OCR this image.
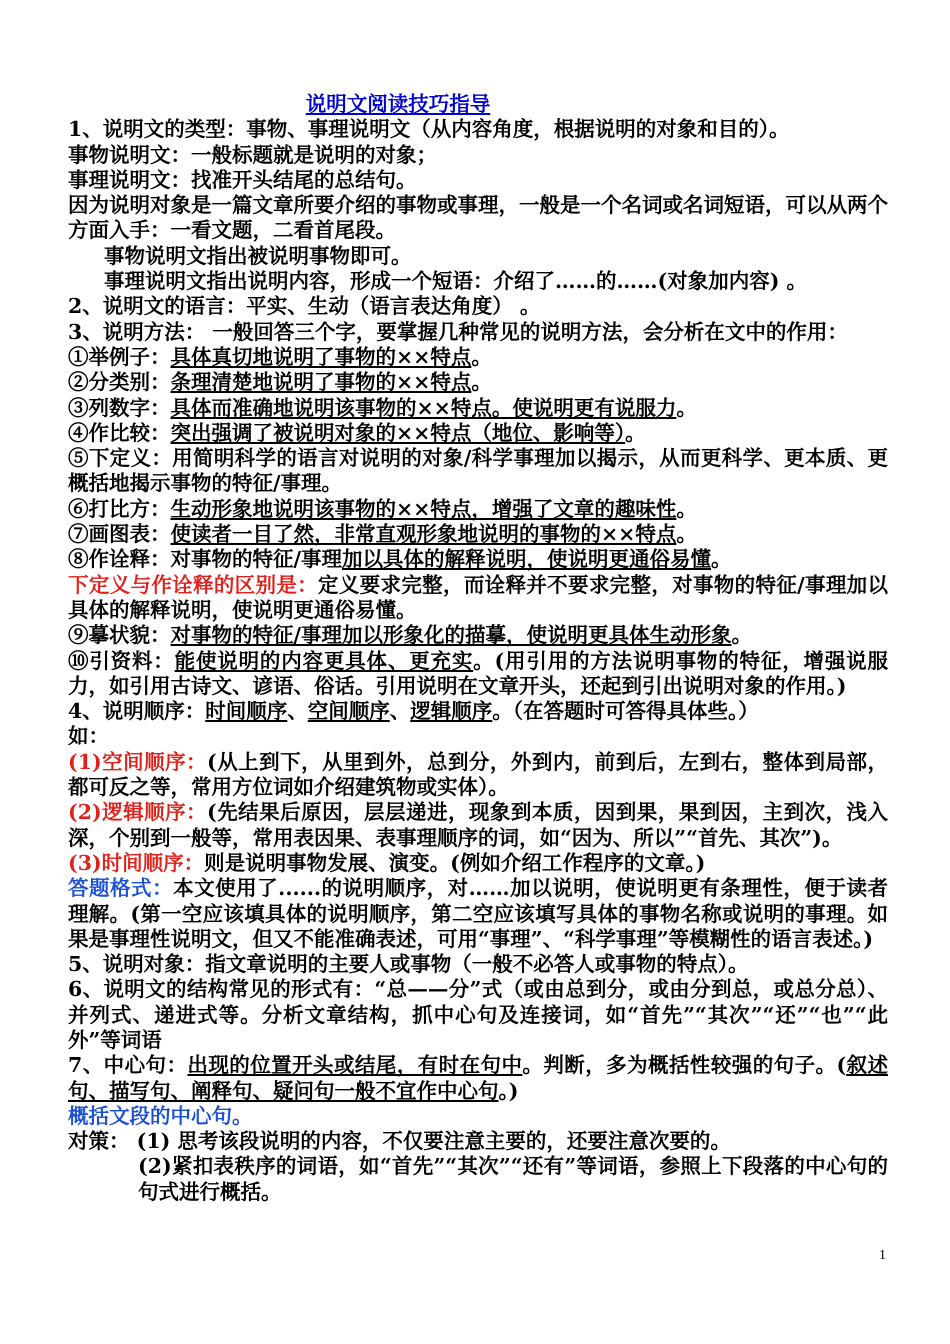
说明文阅读技巧指导

1、说明文的类型：事物、事理说明文（从内容角度，根据说明的对象和目的）。

事物说明文：一般标题就是说明的对象；

事理说明文：找准开头结尾的总结句。

因为说明对象是一篇文章所要介绍的事物或事理，一般是一个名词或名词短语，可以从两个方面入手：一看文题，二看首尾段。

事物说明文指出被说明事物即可。

事理说明文指出说明内容，形成一个短语：介绍了……的……(对象加内容) 。

2、说明文的语言：平实、生动（语言表达角度） 。

3、说明方法： 一般回答三个字，要掌握几种常见的说明方法，会分析在文中的作用：

①举例子：具体真切地说明了事物的××特点。

②分类别：条理清楚地说明了事物的××特点。

③列数字：具体而准确地说明该事物的××特点。使说明更有说服力。

④作比较：突出强调了被说明对象的××特点（地位、影响等）。

⑤下定义：用简明科学的语言对说明的对象/科学事理加以揭示，从而更科学、更本质、更概括地揭示事物的特征/事理。

⑥打比方：生动形象地说明该事物的××特点，增强了文章的趣味性。

⑦画图表：使读者一目了然，非常直观形象地说明的事物的××特点。

⑧作诠释：对事物的特征/事理加以具体的解释说明，使说明更通俗易懂。

下定义与作诠释的区别是：定义要求完整，而诠释并不要求完整，对事物的特征/事理加以具体的解释说明，使说明更通俗易懂。

⑨摹状貌：对事物的特征/事理加以形象化的描摹，使说明更具体生动形象。

⑩引资料：能使说明的内容更具体、更充实。(用引用的方法说明事物的特征，增强说服力，如引用古诗文、谚语、俗话。引用说明在文章开头，还起到引出说明对象的作用。)

4、说明顺序：时间顺序、空间顺序、逻辑顺序。（在答题时可答得具体些。）

如：

(1)空间顺序：(从上到下，从里到外，总到分，外到内，前到后，左到右，整体到局部，都可反之等，常用方位词如介绍建筑物或实体）。

(2)逻辑顺序：(先结果后原因，层层递进，现象到本质，因到果，果到因，主到次，浅入深，个别到一般等，常用表因果、表事理顺序的词，如“因为、所以”“首先、其次”)。

(3)时间顺序：则是说明事物发展、演变。(例如介绍工作程序的文章。)

答题格式：本文使用了......的说明顺序，对……加以说明，使说明更有条理性，便于读者理解。(第一空应该填具体的说明顺序，第二空应该填写具体的事物名称或说明的事理。如果是事理性说明文，但又不能准确表述，可用“事理”、“科学事理”等模糊性的语言表述。)

5、说明对象：指文章说明的主要人或事物（一般不必答人或事物的特点）。

6、说明文的结构常见的形式有：“总——分”式（或由总到分，或由分到总，或总分总）、并列式、递进式等。分析文章结构，抓中心句及连接词，如“首先”“其次”“还”“也”“此外”等词语

7、中心句：出现的位置开头或结尾，有时在句中。判断，多为概括性较强的句子。(叙述句、描写句、阐释句、疑问句一般不宜作中心句。)

概括文段的中心句。

对策： (1) 思考该段说明的内容，不仅要注意主要的，还要注意次要的。

(2)紧扣表秩序的词语，如“首先”“其次”“还有”等词语，参照上下段落的中心句的句式进行概括。

1
